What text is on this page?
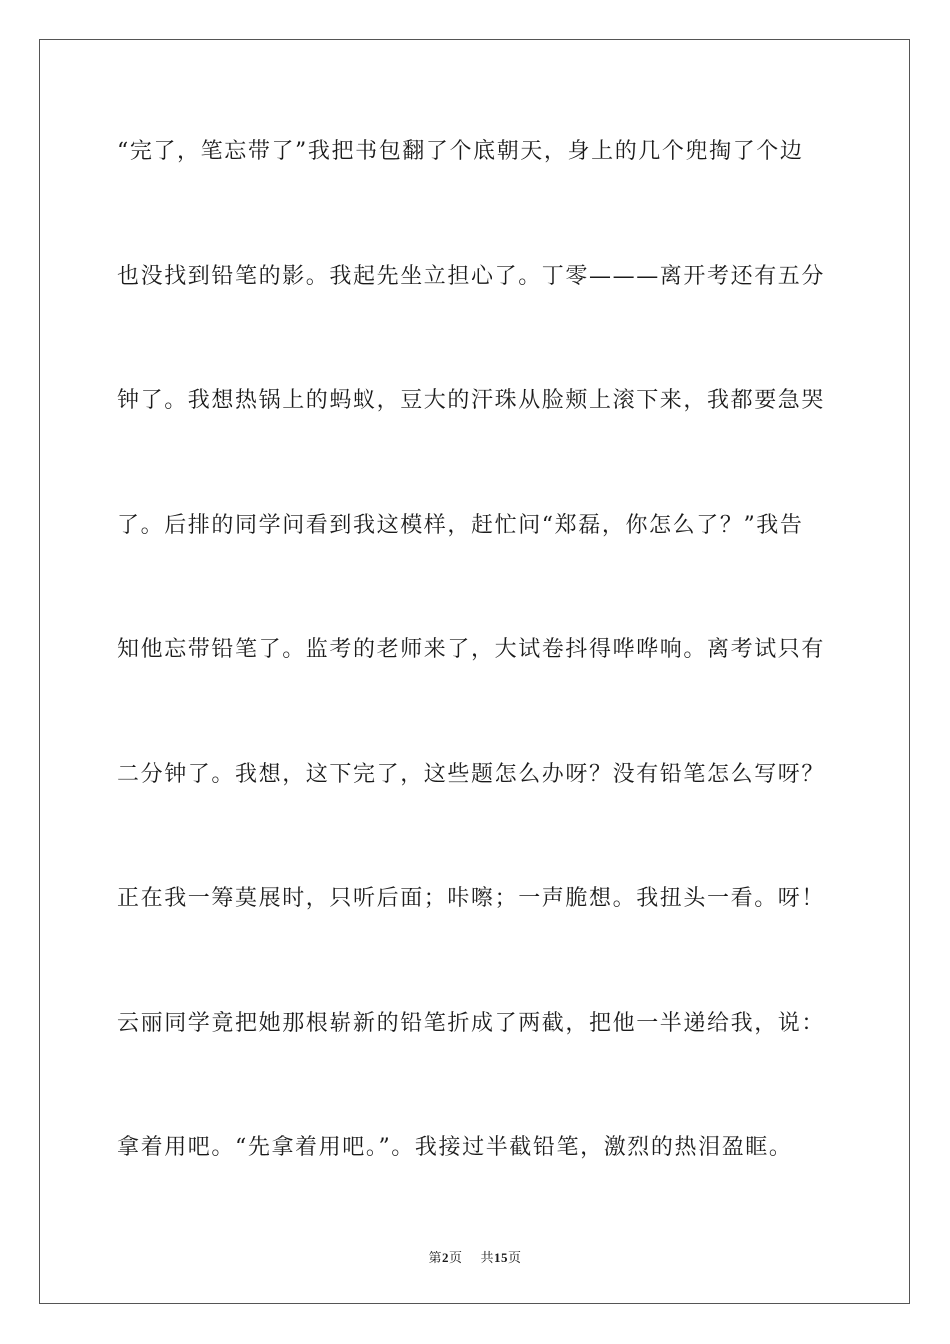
“完了，笔忘带了”我把书包翻了个底朝天，身上的几个兜掏了个边
也没找到铅笔的影。我起先坐立担心了。丁零———离开考还有五分
钟了。我想热锅上的蚂蚁，豆大的汗珠从脸颊上滚下来，我都要急哭
了。后排的同学问看到我这模样，赶忙问“郑磊，你怎么了？”我告
知他忘带铅笔了。监考的老师来了，大试卷抖得哗哗响。离考试只有
二分钟了。我想，这下完了，这些题怎么办呀？没有铅笔怎么写呀？
正在我一筹莫展时，只听后面；咔嚓；一声脆想。我扭头一看。呀！
云丽同学竟把她那根崭新的铅笔折成了两截，把他一半递给我，说：
拿着用吧。“先拿着用吧。”。我接过半截铅笔，激烈的热泪盈眶。
第2页 共15页
